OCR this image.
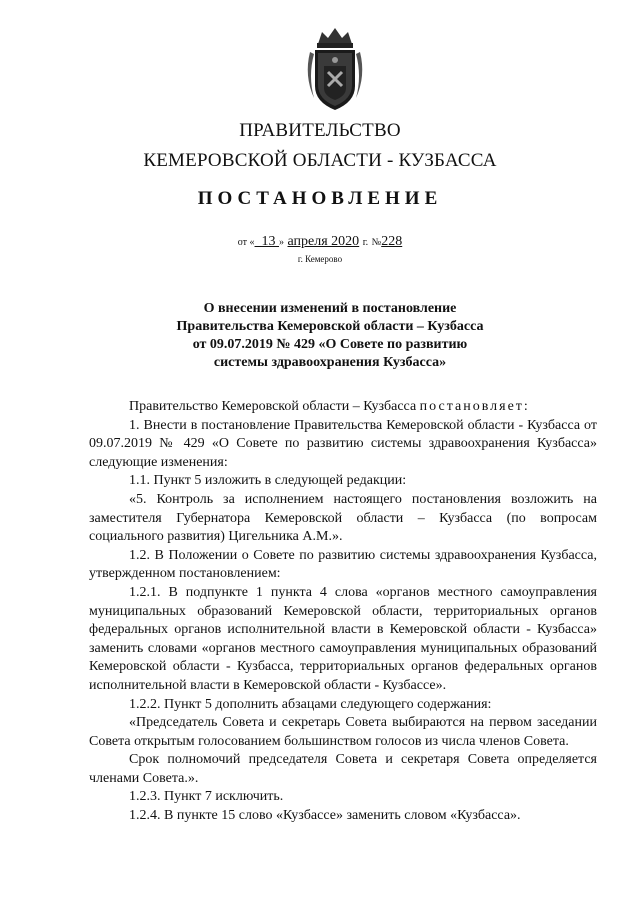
ПРАВИТЕЛЬСТВО
КЕМЕРОВСКОЙ ОБЛАСТИ - КУЗБАССА
ПОСТАНОВЛЕНИЕ
от « 13 » апреля 2020 г. №228
г. Кемерово
О внесении изменений в постановление
Правительства Кемеровской области – Кузбасса
от 09.07.2019 № 429 «О Совете по развитию
системы здравоохранения Кузбасса»

Правительство Кемеровской области – Кузбасса постановляет:

1. Внести в постановление Правительства Кемеровской области - Кузбасса от 09.07.2019 № 429 «О Совете по развитию системы здравоохранения Кузбасса» следующие изменения:

1.1. Пункт 5 изложить в следующей редакции:

«5. Контроль за исполнением настоящего постановления возложить на заместителя Губернатора Кемеровской области – Кузбасса (по вопросам социального развития) Цигельника А.М.».

1.2. В Положении о Совете по развитию системы здравоохранения Кузбасса, утвержденном постановлением:

1.2.1. В подпункте 1 пункта 4 слова «органов местного самоуправления муниципальных образований Кемеровской области, территориальных органов федеральных органов исполнительной власти в Кемеровской области - Кузбасса» заменить словами «органов местного самоуправления муниципальных образований Кемеровской области - Кузбасса, территориальных органов федеральных органов исполнительной власти в Кемеровской области - Кузбассе».

1.2.2. Пункт 5 дополнить абзацами следующего содержания:

«Председатель Совета и секретарь Совета выбираются на первом заседании Совета открытым голосованием большинством голосов из числа членов Совета.

Срок полномочий председателя Совета и секретаря Совета определяется членами Совета.».

1.2.3. Пункт 7 исключить.

1.2.4. В пункте 15 слово «Кузбассе» заменить словом «Кузбасса».
